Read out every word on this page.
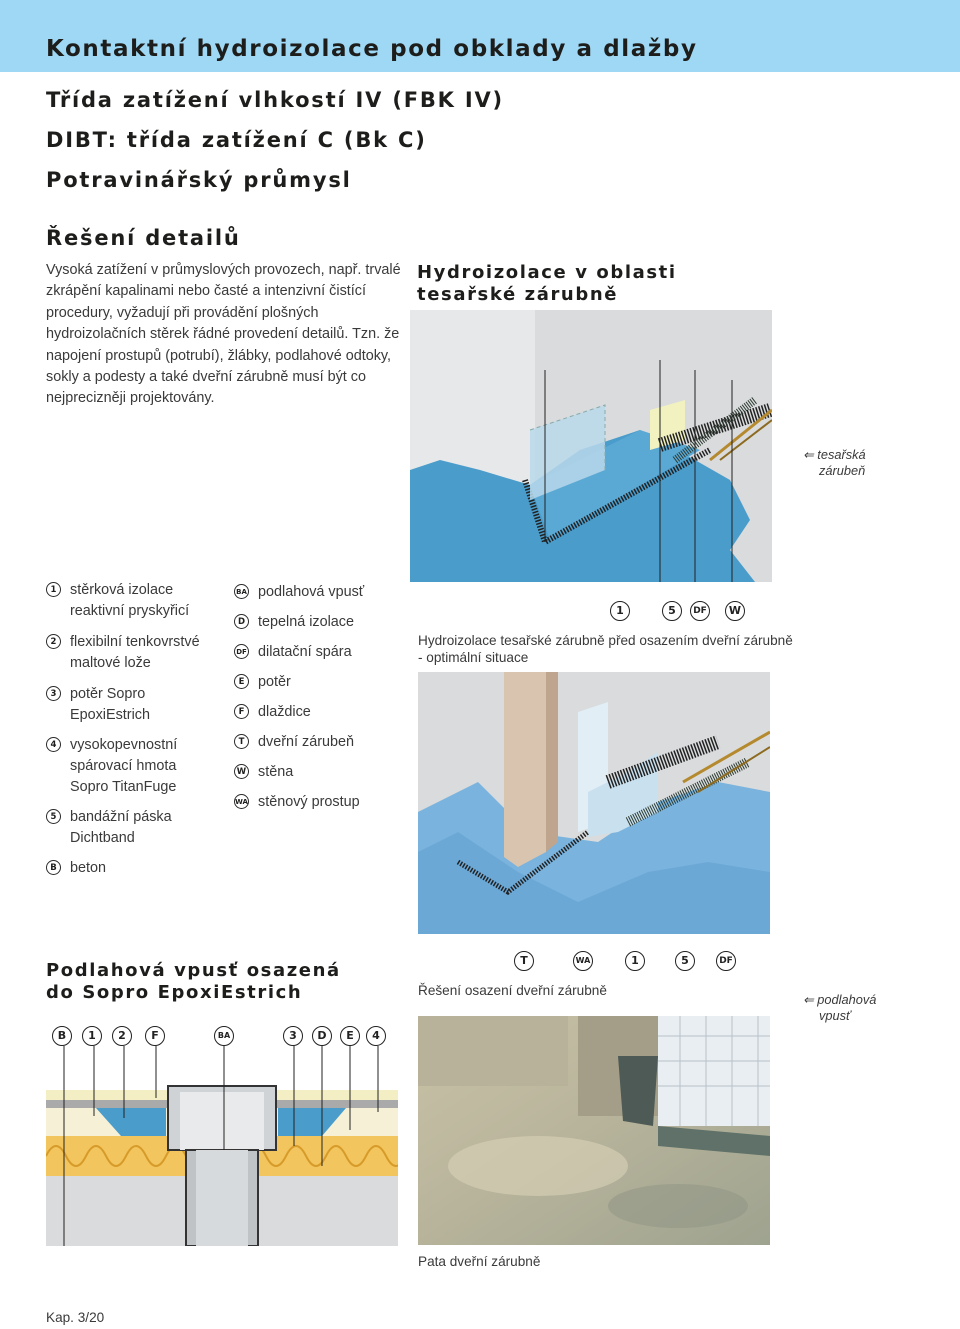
Kontaktní hydroizolace pod obklady a dlažby
Třída zatížení vlhkostí IV (FBK IV)
DIBT: třída zatížení C (Bk C)
Potravinářský průmysl
Řešení detailů

Vysoká zatížení v průmyslových provozech, např. trvalé zkrápění kapalinami nebo časté a intenzivní čistící procedury, vyžadují při provádění plošných hydroizolačních stěrek řádné provedení detailů. Tzn. že napojení prostupů (potrubí), žlábky, podlahové odtoky, sokly a podesty a také dveřní zárubně musí být co nejprecizněji projektovány.

Hydroizolace v oblasti
tesařské zárubně
⇐ tesařská
zárubeň
1	5	DF	W
Hydroizolace tesařské zárubně před osazením dveřní zárubně
- optimální situace
1 stěrková izolace
reaktivní pryskyřicí
2 flexibilní tenkovrstvé
maltové lože
3 potěr Sopro
EpoxiEstrich
4 vysokopevnostní
spárovací hmota
Sopro TitanFuge
5 bandážní páska
Dichtband
B beton
BA podlahová vpusť
D tepelná izolace
DF dilatační spára
E potěr
F dlaždice
T dveřní zárubeň
W stěna
WA stěnový prostup
Podlahová vpusť osazená
do Sopro EpoxiEstrich
B	1	2	F	BA	3	D	E	4
T	WA	1	5	DF
Řešení osazení dveřní zárubně
⇐ podlahová
vpusť
Pata dveřní zárubně
Kap. 3/20
